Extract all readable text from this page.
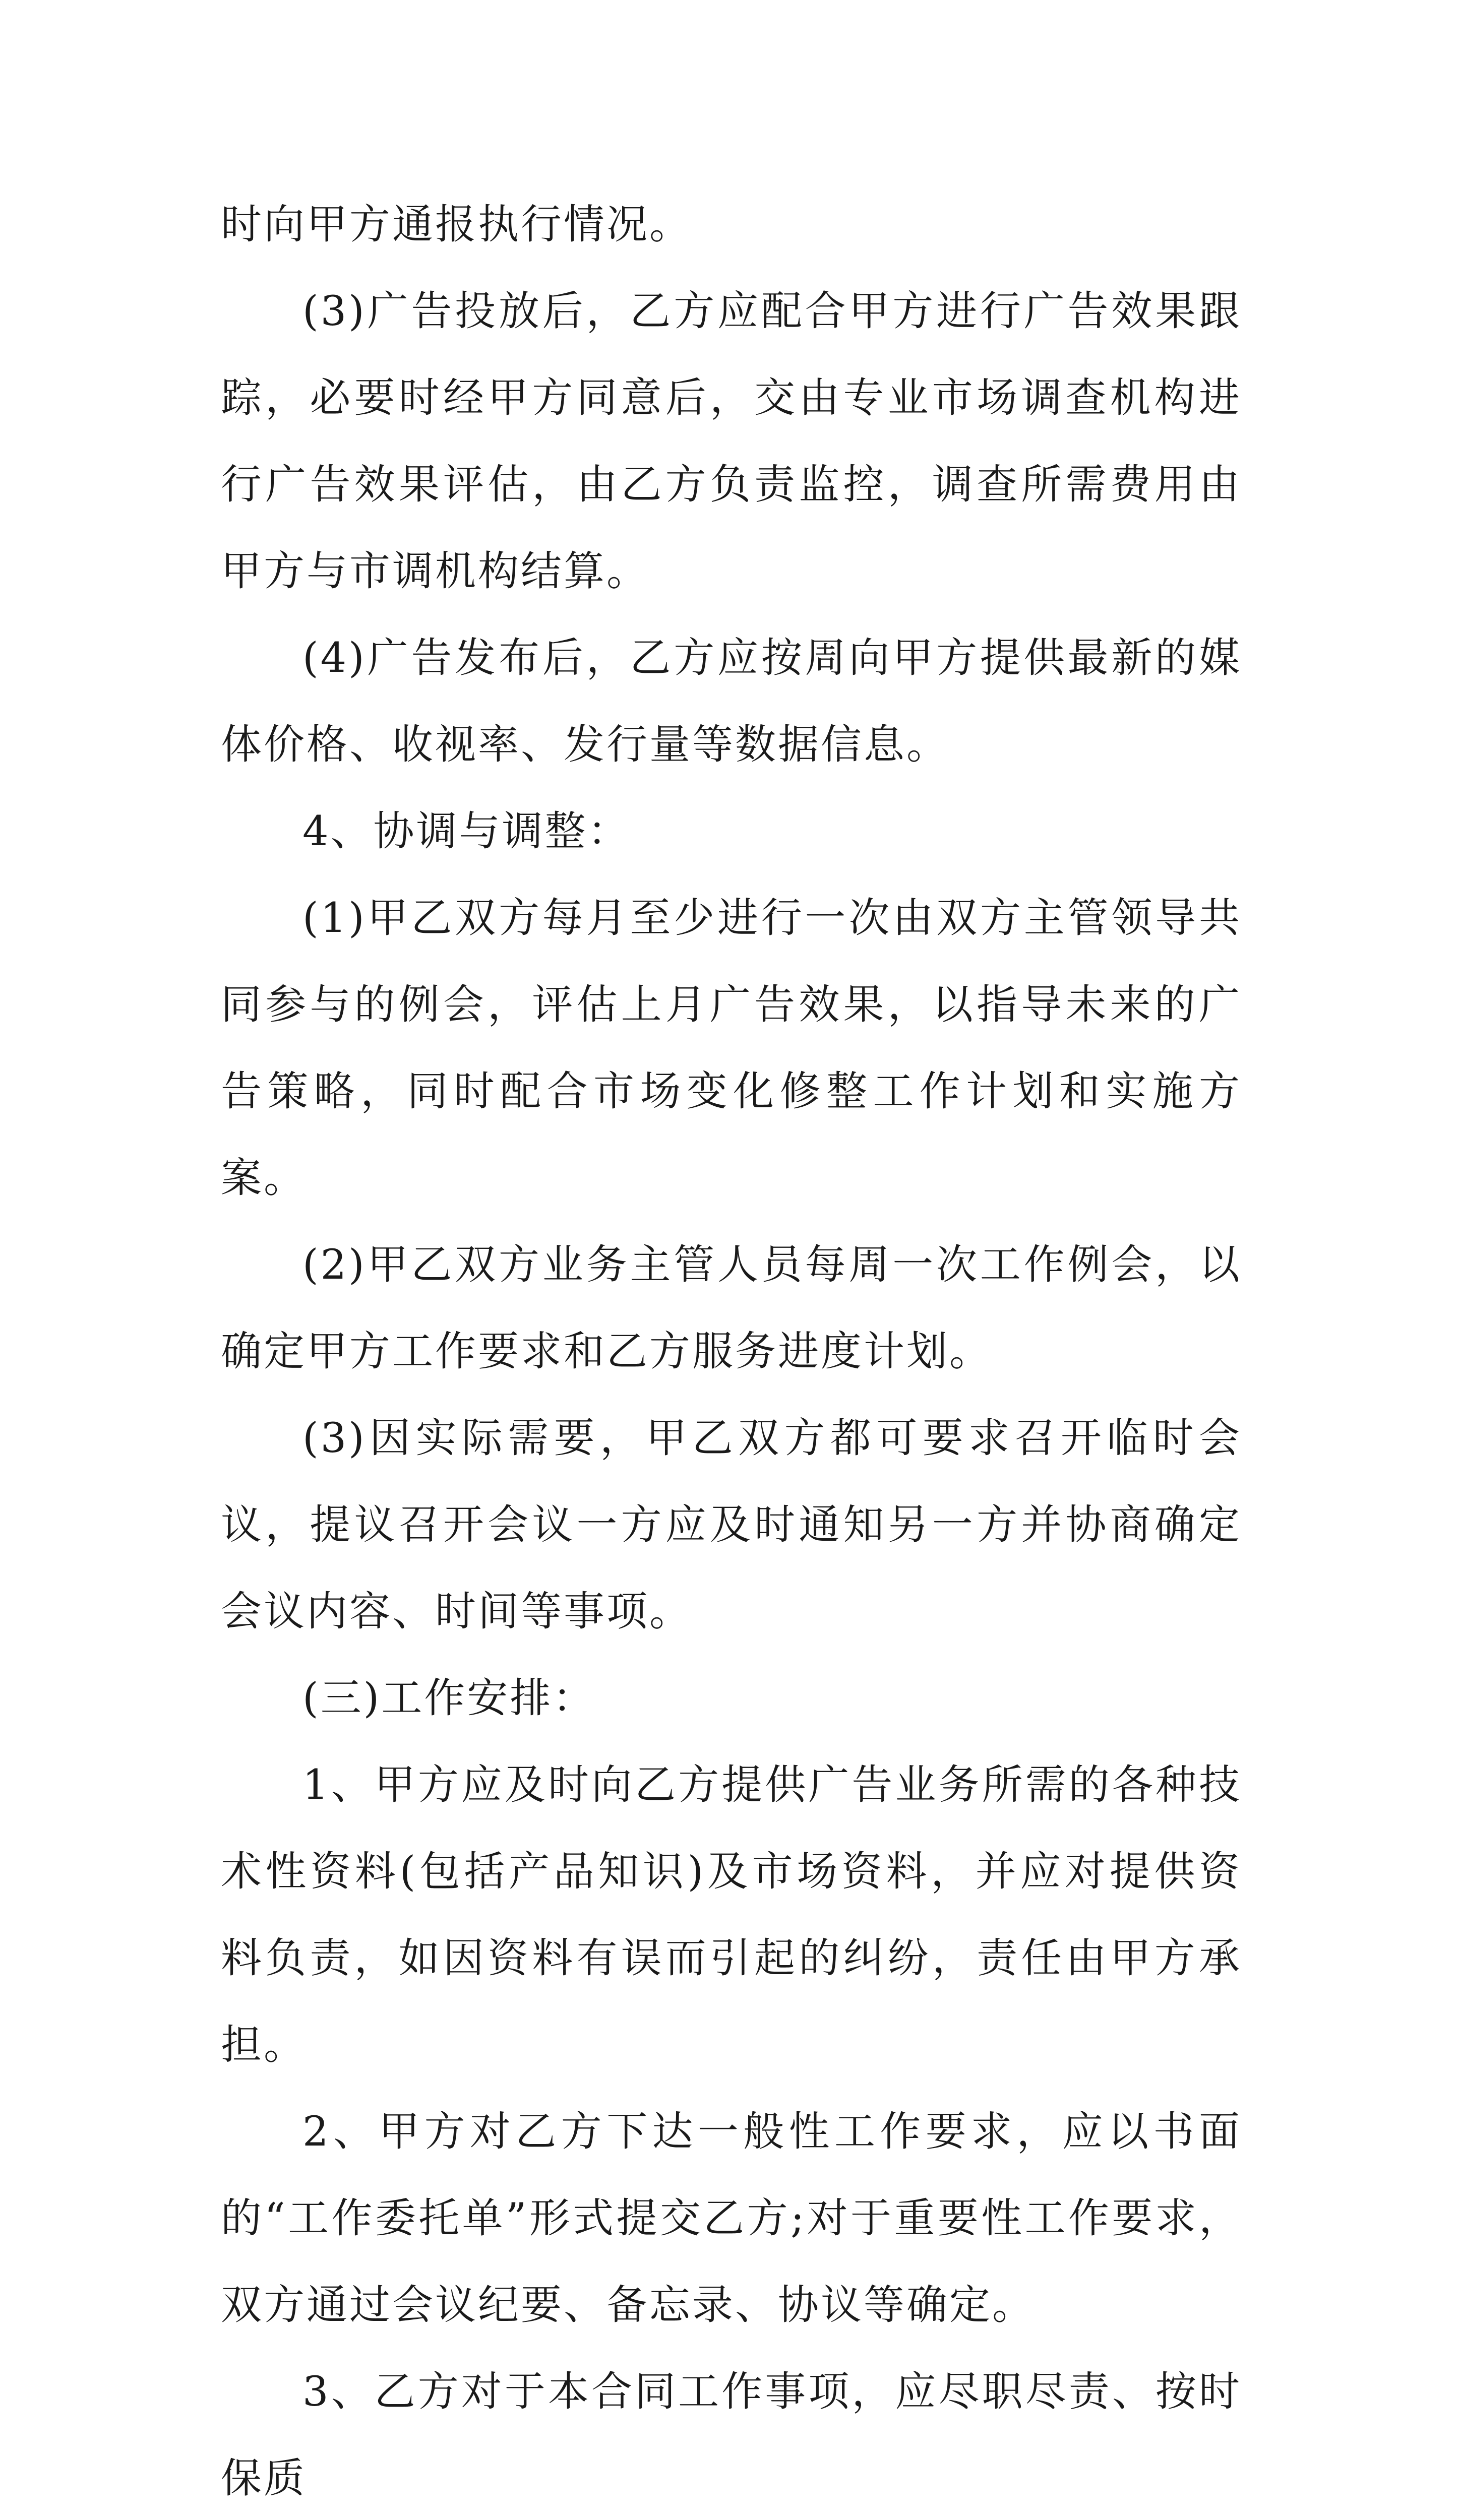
时向甲方通报执行情况。

(3)广告投放后，乙方应配合甲方进行广告效果跟踪，必要时经甲方同意后，交由专业市场调查机构进行广告效果评估，由乙方负责监控，调查所需费用由甲方与市调机构结算。

(4)广告发布后，乙方应按周向甲方提供最新的媒体价格、收视率、发行量等数据信息。

4、协调与调整：

(1)甲乙双方每月至少进行一次由双方主管领导共同参与的例会，评估上月广告效果，以指导未来的广告策略，同时配合市场变化修整工作计划和实施方案。

(2)甲乙双方业务主管人员每周一次工作例会，以确定甲方工作要求和乙方服务进度计划。

(3)因实际需要，甲乙双方都可要求召开临时会议，提议召开会议一方应及时通知另一方并协商确定会议内容、时间等事项。

(三)工作安排：

1、甲方应及时向乙方提供广告业务所需的各种技术性资料(包括产品知识)及市场资料，并应对提供资料负责，如因资料有误而引起的纠纷，责任由甲方承担。

2、甲方对乙方下达一般性工作要求，应以书面的“工作委托单”形式提交乙方;对于重要性工作要求，双方通过会议纪要、备忘录、协议等确定。

3、乙方对于本合同工作事项，应尽职尽责、按时保质
